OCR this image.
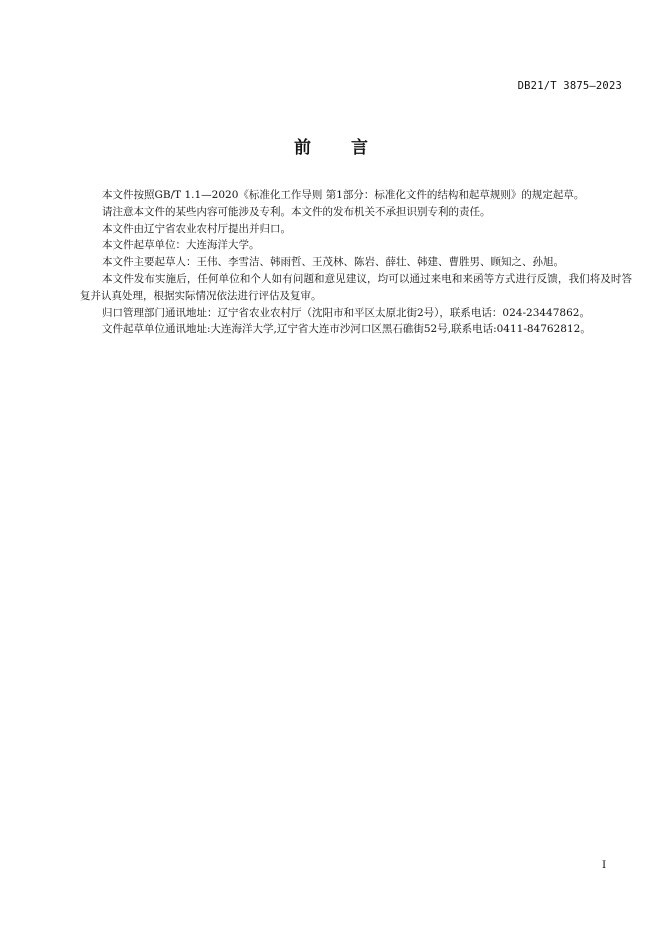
DB21/T 3875—2023
前 言

本文件按照GB/T 1.1—2020《标准化工作导则 第1部分：标准化文件的结构和起草规则》的规定起草。

请注意本文件的某些内容可能涉及专利。本文件的发布机关不承担识别专利的责任。

本文件由辽宁省农业农村厅提出并归口。

本文件起草单位：大连海洋大学。

本文件主要起草人：王伟、李雪洁、韩雨哲、王茂林、陈岩、薛壮、韩建、曹胜男、顾知之、孙旭。

本文件发布实施后，任何单位和个人如有问题和意见建议，均可以通过来电和来函等方式进行反馈，我们将及时答复并认真处理，根据实际情况依法进行评估及复审。

归口管理部门通讯地址：辽宁省农业农村厅（沈阳市和平区太原北街2号），联系电话：024-23447862。

文件起草单位通讯地址:大连海洋大学,辽宁省大连市沙河口区黑石礁街52号,联系电话:0411-84762812。

I
